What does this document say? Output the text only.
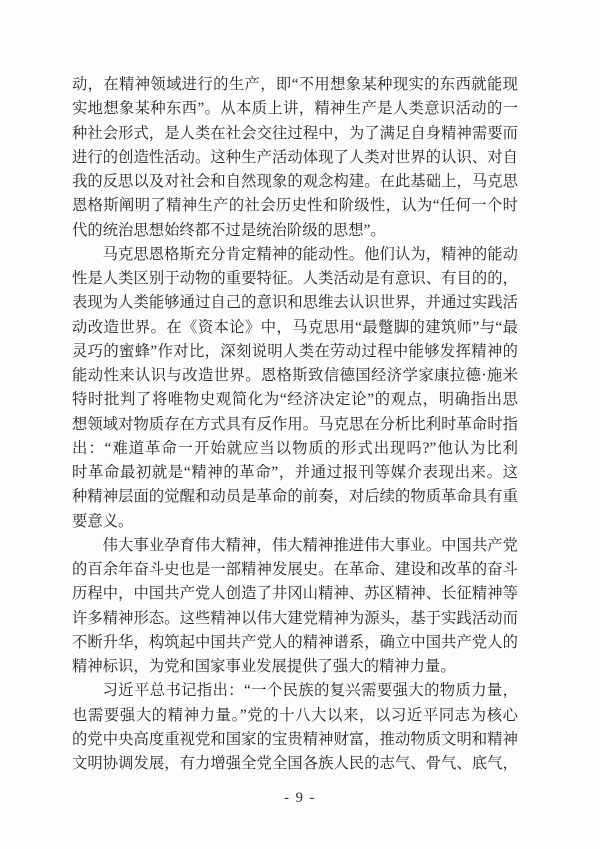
动，在精神领域进行的生产，即“不用想象某种现实的东西就能现
实地想象某种东西”。从本质上讲，精神生产是人类意识活动的一
种社会形式，是人类在社会交往过程中，为了满足自身精神需要而
进行的创造性活动。这种生产活动体现了人类对世界的认识、对自
我的反思以及对社会和自然现象的观念构建。在此基础上，马克思
恩格斯阐明了精神生产的社会历史性和阶级性，认为“任何一个时
代的统治思想始终都不过是统治阶级的思想”。
马克思恩格斯充分肯定精神的能动性。他们认为，精神的能动
性是人类区别于动物的重要特征。人类活动是有意识、有目的的，
表现为人类能够通过自己的意识和思维去认识世界，并通过实践活
动改造世界。在《资本论》中，马克思用“最蹩脚的建筑师”与“最
灵巧的蜜蜂”作对比，深刻说明人类在劳动过程中能够发挥精神的
能动性来认识与改造世界。恩格斯致信德国经济学家康拉德·施米
特时批判了将唯物史观简化为“经济决定论”的观点，明确指出思
想领域对物质存在方式具有反作用。马克思在分析比利时革命时指
出：“难道革命一开始就应当以物质的形式出现吗?”他认为比利
时革命最初就是“精神的革命”，并通过报刊等媒介表现出来。这
种精神层面的觉醒和动员是革命的前奏，对后续的物质革命具有重
要意义。
伟大事业孕育伟大精神，伟大精神推进伟大事业。中国共产党
的百余年奋斗史也是一部精神发展史。在革命、建设和改革的奋斗
历程中，中国共产党人创造了井冈山精神、苏区精神、长征精神等
许多精神形态。这些精神以伟大建党精神为源头，基于实践活动而
不断升华，构筑起中国共产党人的精神谱系，确立中国共产党人的
精神标识，为党和国家事业发展提供了强大的精神力量。
习近平总书记指出：“一个民族的复兴需要强大的物质力量，
也需要强大的精神力量。”党的十八大以来，以习近平同志为核心
的党中央高度重视党和国家的宝贵精神财富，推动物质文明和精神
文明协调发展，有力增强全党全国各族人民的志气、骨气、底气，
- 9 -
